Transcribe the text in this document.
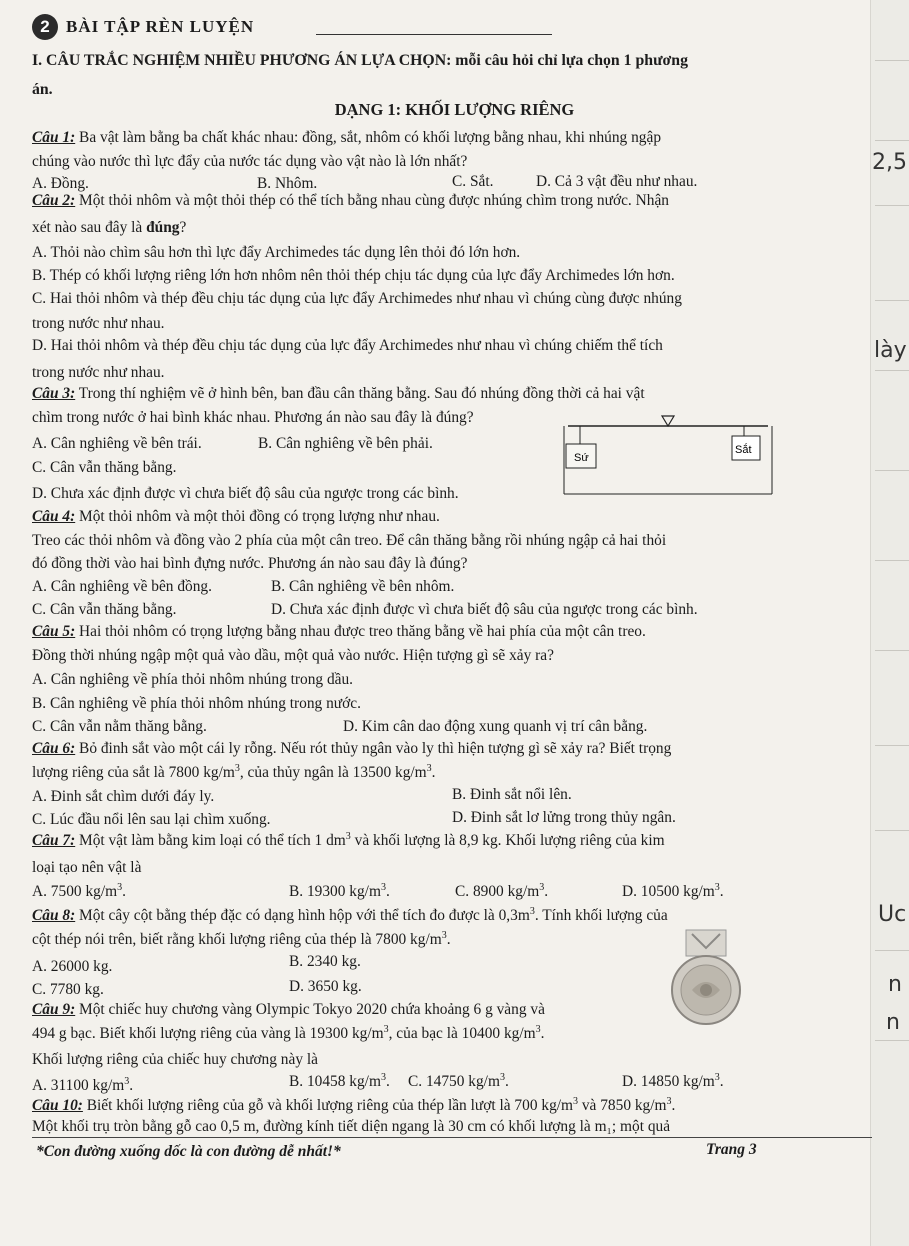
2,5
lày
Uc
n
n
2 BÀI TẬP RÈN LUYỆN
I. CÂU TRẮC NGHIỆM NHIỀU PHƯƠNG ÁN LỰA CHỌN: mỗi câu hỏi chỉ lựa chọn 1 phương
án.
DẠNG 1: KHỐI LƯỢNG RIÊNG
Câu 1: Ba vật làm bằng ba chất khác nhau: đồng, sắt, nhôm có khối lượng bằng nhau, khi nhúng ngập
chúng vào nước thì lực đẩy của nước tác dụng vào vật nào là lớn nhất?
A. Đồng.	B. Nhôm.	C. Sắt.	D. Cả 3 vật đều như nhau.
Câu 2: Một thỏi nhôm và một thỏi thép có thể tích bằng nhau cùng được nhúng chìm trong nước. Nhận
xét nào sau đây là đúng?
A. Thỏi nào chìm sâu hơn thì lực đẩy Archimedes tác dụng lên thỏi đó lớn hơn.
B. Thép có khối lượng riêng lớn hơn nhôm nên thỏi thép chịu tác dụng của lực đẩy Archimedes lớn hơn.
C. Hai thỏi nhôm và thép đều chịu tác dụng của lực đẩy Archimedes như nhau vì chúng cùng được nhúng
trong nước như nhau.
D. Hai thỏi nhôm và thép đều chịu tác dụng của lực đẩy Archimedes như nhau vì chúng chiếm thể tích
trong nước như nhau.
Câu 3: Trong thí nghiệm vẽ ở hình bên, ban đầu cân thăng bằng. Sau đó nhúng đồng thời cả hai vật
chìm trong nước ở hai bình khác nhau. Phương án nào sau đây là đúng?
A. Cân nghiêng về bên trái.	B. Cân nghiêng về bên phải.
C. Cân vẫn thăng bằng.
D. Chưa xác định được vì chưa biết độ sâu của ngược trong các bình.
Sứ
Sắt
Câu 4: Một thỏi nhôm và một thỏi đồng có trọng lượng như nhau.
Treo các thỏi nhôm và đồng vào 2 phía của một cân treo. Để cân thăng bằng rồi nhúng ngập cả hai thỏi
đó đồng thời vào hai bình đựng nước. Phương án nào sau đây là đúng?
A. Cân nghiêng về bên đồng.	B. Cân nghiêng về bên nhôm.
C. Cân vẫn thăng bằng.	D. Chưa xác định được vì chưa biết độ sâu của ngược trong các bình.
Câu 5: Hai thỏi nhôm có trọng lượng bằng nhau được treo thăng bằng về hai phía của một cân treo.
Đồng thời nhúng ngập một quả vào dầu, một quả vào nước. Hiện tượng gì sẽ xảy ra?
A. Cân nghiêng về phía thỏi nhôm nhúng trong dầu.
B. Cân nghiêng về phía thỏi nhôm nhúng trong nước.
C. Cân vẫn nằm thăng bằng.	D. Kim cân dao động xung quanh vị trí cân bằng.
Câu 6: Bỏ đinh sắt vào một cái ly rỗng. Nếu rót thủy ngân vào ly thì hiện tượng gì sẽ xảy ra? Biết trọng
lượng riêng của sắt là 7800 $kg/m^3$, của thủy ngân là 13500 $kg/m^3$.
A. Đinh sắt chìm dưới đáy ly.	B. Đinh sắt nổi lên.
C. Lúc đầu nổi lên sau lại chìm xuống.	D. Đinh sắt lơ lửng trong thủy ngân.
Câu 7: Một vật làm bằng kim loại có thể tích 1 $dm^3$ và khối lượng là 8,9 kg. Khối lượng riêng của kim
loại tạo nên vật là
A. 7500 $kg/m^3$.	B. 19300 $kg/m^3$.	C. 8900 $kg/m^3$.	D. 10500 $kg/m^3$.
Câu 8: Một cây cột bằng thép đặc có dạng hình hộp với thể tích đo được là $0,3m^3$. Tính khối lượng của
cột thép nói trên, biết rằng khối lượng riêng của thép là 7800 $kg/m^3$.
A. 26000 kg.	B. 2340 kg.
C. 7780 kg.	D. 3650 kg.
Câu 9: Một chiếc huy chương vàng Olympic Tokyo 2020 chứa khoảng 6 g vàng và
494 g bạc. Biết khối lượng riêng của vàng là 19300 $kg/m^3$, của bạc là 10400 $kg/m^3$.
Khối lượng riêng của chiếc huy chương này là
A. 31100 $kg/m^3$.	B. 10458 $kg/m^3$. C. 14750 $kg/m^3$.	D. 14850 $kg/m^3$.
Câu 10: Biết khối lượng riêng của gỗ và khối lượng riêng của thép lần lượt là 700 $kg/m^3$ và 7850 $kg/m^3$.
Một khối trụ tròn bằng gỗ cao 0,5 m, đường kính tiết diện ngang là 30 cm có khối lượng là m₁; một quả
*Con đường xuống dốc là con đường dễ nhất!*	Trang 3
